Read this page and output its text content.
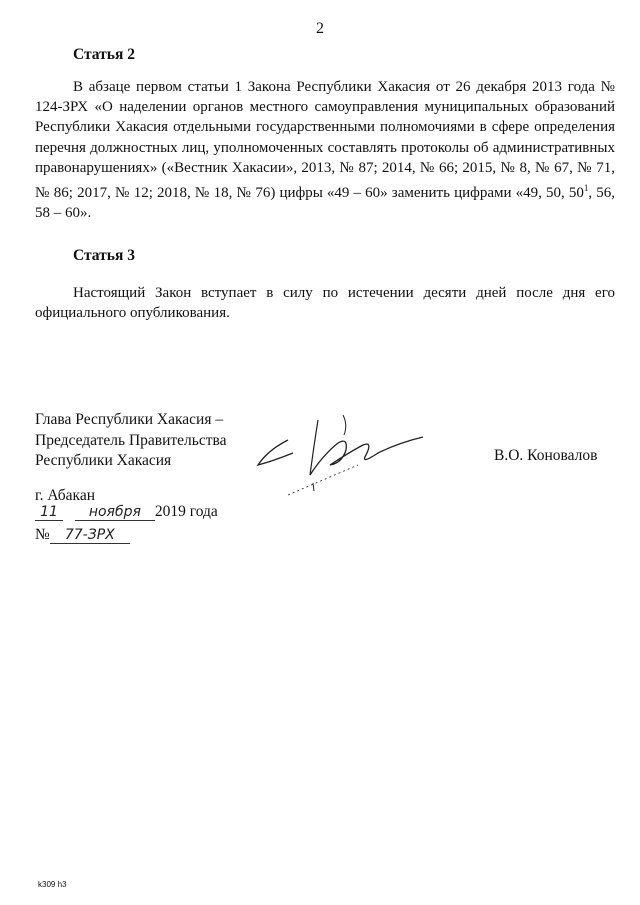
2
Статья 2
В абзаце первом статьи 1 Закона Республики Хакасия от 26 декабря 2013 года № 124-ЗРХ «О наделении органов местного самоуправления муниципальных образований Республики Хакасия отдельными государственными полномочиями в сфере определения перечня должностных лиц, уполномоченных составлять протоколы об административных правонарушениях» («Вестник Хакасии», 2013, № 87; 2014, № 66; 2015, № 8, № 67, № 71, № 86; 2017, № 12; 2018, № 18, № 76) цифры «49 – 60» заменить цифрами «49, 50, $50^1$, 56, 58 – 60».
Статья 3
Настоящий Закон вступает в силу по истечении десяти дней после дня его официального опубликования.
Глава Республики Хакасия –
Председатель Правительства
Республики Хакасия	В.О. Коновалов
г. Абакан
11 ноября 2019 года
№ 77-ЗРХ
k309 h3
